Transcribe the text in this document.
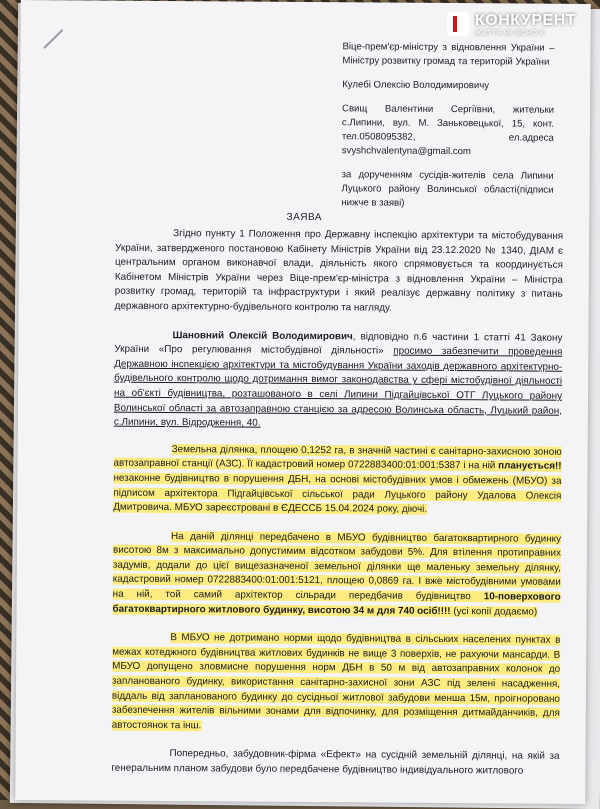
Віце-прем'єр-міністру з відновлення України – Міністру розвитку громад та територій України

Кулебі Олексію Володимировичу

Свищ Валентини Сергіївни, жительки с.Липини, вул. М. Заньковецької, 15, конт. тел.0508095382, ел.адреса svyshchvalentyna@gmail.com

за дорученням сусідів-жителів села Липини Луцького району Волинської області(підписи нижче в заяві)

ЗАЯВА

Згідно пункту 1 Положення про Державну інспекцію архітектури та містобудування України, затвердженого постановою Кабінету Міністрів України від 23.12.2020 № 1340, ДІАМ є центральним органом виконавчої влади, діяльність якого спрямовується та координується Кабінетом Міністрів України через Віце-прем'єр-міністра з відновлення України – Міністра розвитку громад, територій та інфраструктури і який реалізує державну політику з питань державного архітектурно-будівельного контролю та нагляду.

Шановний Олексій Володимирович, відповідно п.6 частини 1 статті 41 Закону України «Про регулювання містобудівної діяльності» просимо забезпечити проведення Державною інспекцією архітектури та містобудування України заходів державного архітектурно-будівельного контролю щодо дотримання вимог законодавства у сфері містобудівної діяльності на об'єкті будівництва, розташованого в селі Липини Підгайцівської ОТГ Луцького району Волинської області за автозаправною станцією за адресою Волинська область, Луцький район, с.Липини, вул. Відродження, 40.

Земельна ділянка, площею 0,1252 га, в значній частині є санітарно-захисною зоною автозаправної станції (АЗС). Її кадастровий номер 0722883400:01:001:5387 і на ній планується!! незаконне будівництво в порушення ДБН, на основі містобудівних умов і обмежень (МБУО) за підписом архітектора Підгайцівської сільської ради Луцького району Удалова Олексія Дмитровича. МБУО зареєстровані в ЄДЕССБ 15.04.2024 року, діючі.

На даній ділянці передбачено в МБУО будівництво багатоквартирного будинку висотою 8м з максимально допустимим відсотком забудови 5%. Для втілення протиправних задумів, додали до цієї вищезазначеної земельної ділянки ще маленьку земельну ділянку, кадастровий номер 0722883400:01:001:5121, площею 0,0869 га. І вже містобудівними умовами на ній, той самий архітектор сільради передбачив будівництво 10-поверхового багатоквартирного житлового будинку, висотою 34 м для 740 осіб!!!! (усі копії додаємо)

В МБУО не дотримано норми щодо будівництва в сільських населених пунктах в межах котеджного будівництва житлових будинків не вище 3 поверхів, не рахуючи мансарди. В МБУО допущено зловмисне порушення норм ДБН в 50 м від автозаправних колонок до запланованого будинку, використання санітарно-захисної зони АЗС під зелені насадження, віддаль від запланованого будинку до сусідньої житлової забудови менша 15м, проігноровано забезпечення жителів вільними зонами для відпочинку, для розміщення дитмайданчиків, для автостоянок та інш.

Попередньо, забудовник-фірма «Ефект» на сусідній земельній ділянці, на якій за генеральним планом забудови було передбачене будівництво індивідуального житлового

КОНКУРЕНТ
ЖИТТЯ ЯК ВОНО Є
